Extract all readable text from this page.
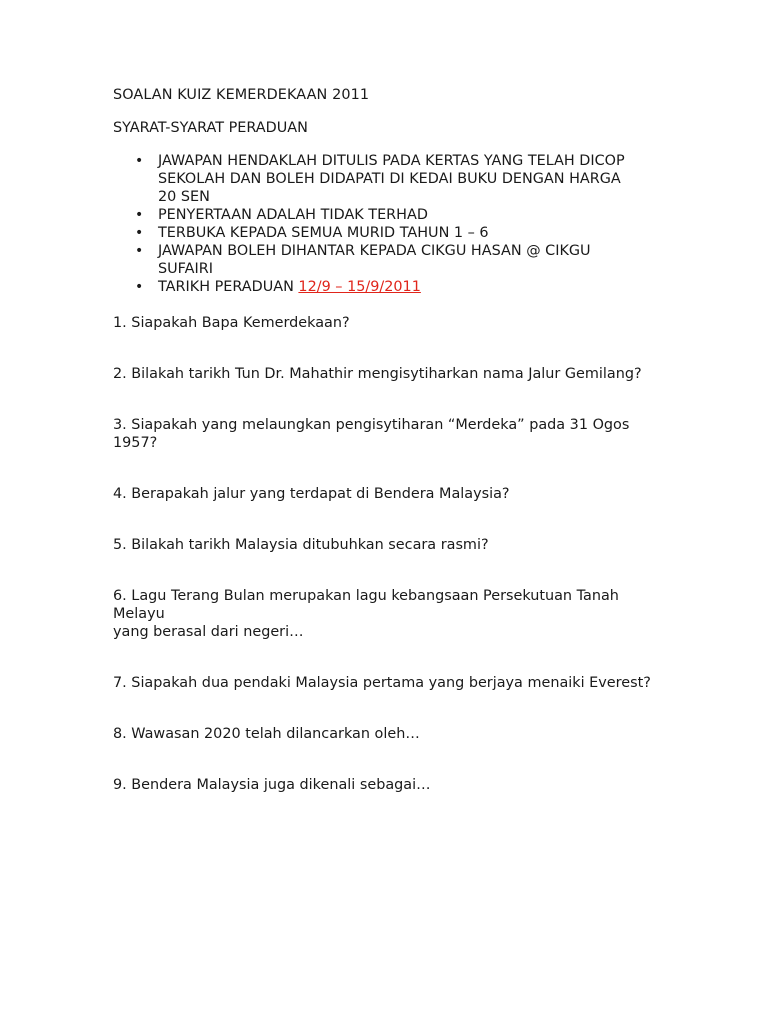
SOALAN KUIZ KEMERDEKAAN 2011
SYARAT-SYARAT PERADUAN
• JAWAPAN HENDAKLAH DITULIS PADA KERTAS YANG TELAH DICOP SEKOLAH DAN BOLEH DIDAPATI DI KEDAI BUKU DENGAN HARGA 20 SEN
• PENYERTAAN ADALAH TIDAK TERHAD
• TERBUKA KEPADA SEMUA MURID TAHUN 1 – 6
• JAWAPAN BOLEH DIHANTAR KEPADA CIKGU HASAN @ CIKGU SUFAIRI
• TARIKH PERADUAN 12/9 – 15/9/2011

1. Siapakah Bapa Kemerdekaan?

2. Bilakah tarikh Tun Dr. Mahathir mengisytiharkan nama Jalur Gemilang?

3. Siapakah yang melaungkan pengisytiharan “Merdeka” pada 31 Ogos 1957?

4. Berapakah jalur yang terdapat di Bendera Malaysia?

5. Bilakah tarikh Malaysia ditubuhkan secara rasmi?

6. Lagu Terang Bulan merupakan lagu kebangsaan Persekutuan Tanah Melayu
yang berasal dari negeri…

7. Siapakah dua pendaki Malaysia pertama yang berjaya menaiki Everest?

8. Wawasan 2020 telah dilancarkan oleh…

9. Bendera Malaysia juga dikenali sebagai…
